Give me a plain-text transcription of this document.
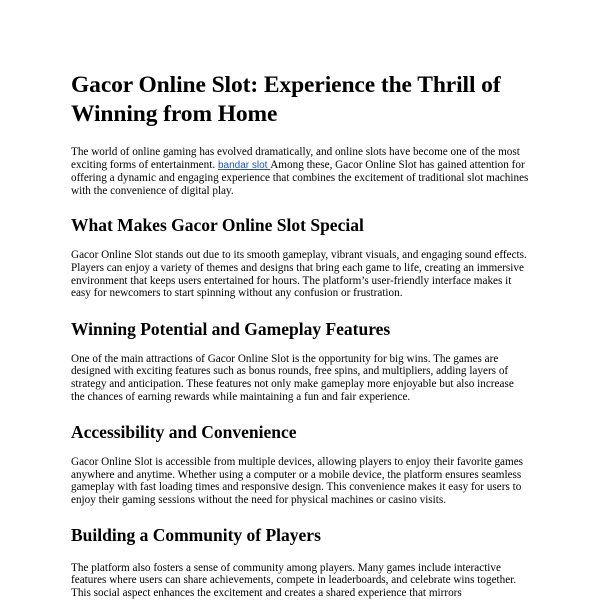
Gacor Online Slot: Experience the Thrill of Winning from Home

The world of online gaming has evolved dramatically, and online slots have become one of the most exciting forms of entertainment. bandar slot Among these, Gacor Online Slot has gained attention for offering a dynamic and engaging experience that combines the excitement of traditional slot machines with the convenience of digital play.

What Makes Gacor Online Slot Special

Gacor Online Slot stands out due to its smooth gameplay, vibrant visuals, and engaging sound effects. Players can enjoy a variety of themes and designs that bring each game to life, creating an immersive environment that keeps users entertained for hours. The platform’s user-friendly interface makes it easy for newcomers to start spinning without any confusion or frustration.

Winning Potential and Gameplay Features

One of the main attractions of Gacor Online Slot is the opportunity for big wins. The games are designed with exciting features such as bonus rounds, free spins, and multipliers, adding layers of strategy and anticipation. These features not only make gameplay more enjoyable but also increase the chances of earning rewards while maintaining a fun and fair experience.

Accessibility and Convenience

Gacor Online Slot is accessible from multiple devices, allowing players to enjoy their favorite games anywhere and anytime. Whether using a computer or a mobile device, the platform ensures seamless gameplay with fast loading times and responsive design. This convenience makes it easy for users to enjoy their gaming sessions without the need for physical machines or casino visits.

Building a Community of Players

The platform also fosters a sense of community among players. Many games include interactive features where users can share achievements, compete in leaderboards, and celebrate wins together. This social aspect enhances the excitement and creates a shared experience that mirrors
